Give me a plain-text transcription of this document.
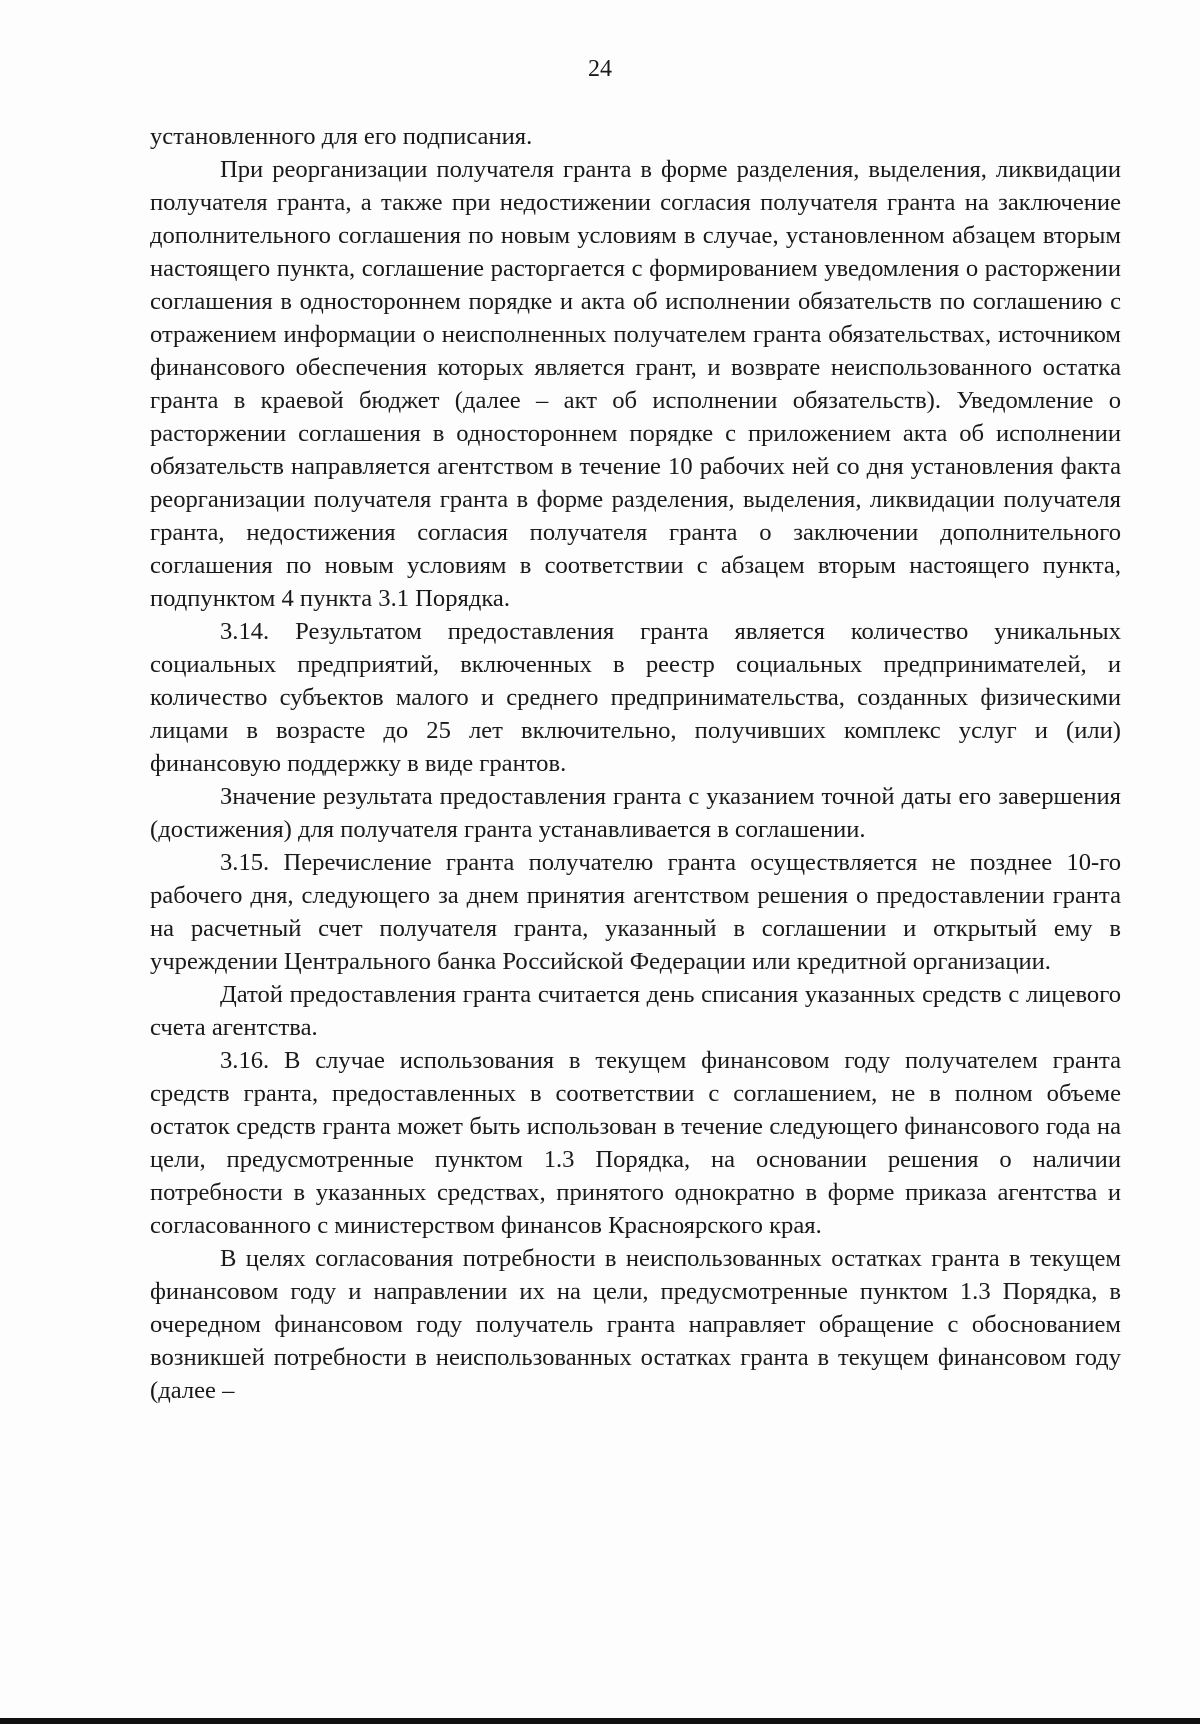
24

установленного для его подписания.

При реорганизации получателя гранта в форме разделения, выделения, ликвидации получателя гранта, а также при недостижении согласия получателя гранта на заключение дополнительного соглашения по новым условиям в случае, установленном абзацем вторым настоящего пункта, соглашение расторгается с формированием уведомления о расторжении соглашения в одностороннем порядке и акта об исполнении обязательств по соглашению с отражением информации о неисполненных получателем гранта обязательствах, источником финансового обеспечения которых является грант, и возврате неиспользованного остатка гранта в краевой бюджет (далее – акт об исполнении обязательств). Уведомление о расторжении соглашения в одностороннем порядке с приложением акта об исполнении обязательств направляется агентством в течение 10 рабочих ней со дня установления факта реорганизации получателя гранта в форме разделения, выделения, ликвидации получателя гранта, недостижения согласия получателя гранта о заключении дополнительного соглашения по новым условиям в соответствии с абзацем вторым настоящего пункта, подпунктом 4 пункта 3.1 Порядка.

3.14. Результатом предоставления гранта является количество уникальных социальных предприятий, включенных в реестр социальных предпринимателей, и количество субъектов малого и среднего предпринимательства, созданных физическими лицами в возрасте до 25 лет включительно, получивших комплекс услуг и (или) финансовую поддержку в виде грантов.

Значение результата предоставления гранта с указанием точной даты его завершения (достижения) для получателя гранта устанавливается в соглашении.

3.15. Перечисление гранта получателю гранта осуществляется не позднее 10-го рабочего дня, следующего за днем принятия агентством решения о предоставлении гранта на расчетный счет получателя гранта, указанный в соглашении и открытый ему в учреждении Центрального банка Российской Федерации или кредитной организации.

Датой предоставления гранта считается день списания указанных средств с лицевого счета агентства.

3.16. В случае использования в текущем финансовом году получателем гранта средств гранта, предоставленных в соответствии с соглашением, не в полном объеме остаток средств гранта может быть использован в течение следующего финансового года на цели, предусмотренные пунктом 1.3 Порядка, на основании решения о наличии потребности в указанных средствах, принятого однократно в форме приказа агентства и согласованного с министерством финансов Красноярского края.

В целях согласования потребности в неиспользованных остатках гранта в текущем финансовом году и направлении их на цели, предусмотренные пунктом 1.3 Порядка, в очередном финансовом году получатель гранта направляет обращение с обоснованием возникшей потребности в неиспользованных остатках гранта в текущем финансовом году (далее –
